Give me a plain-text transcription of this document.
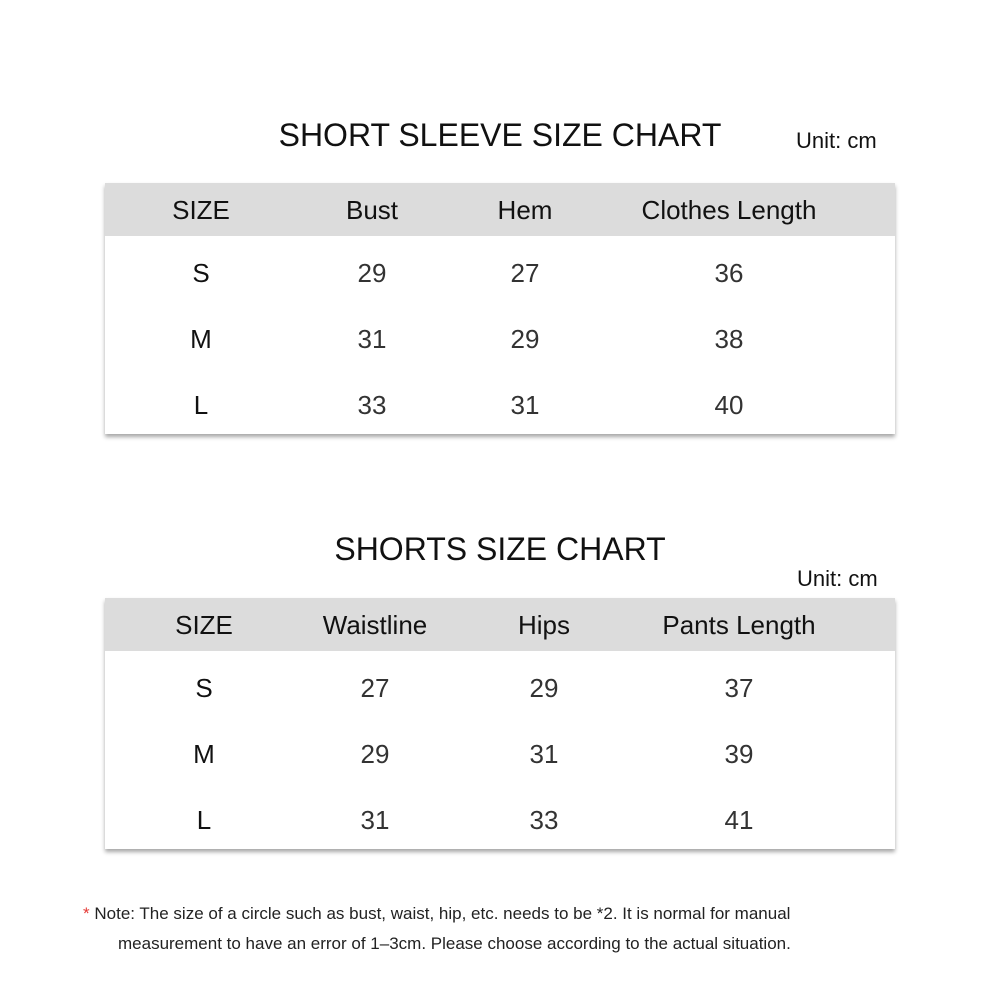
SHORT SLEEVE SIZE CHART	Unit: cm
SIZE	Bust	Hem	Clothes Length
S	29	27	36
M	31	29	38
L	33	31	40
SHORTS SIZE CHART
Unit: cm
SIZE	Waistline	Hips	Pants Length
S	27	29	37
M	29	31	39
L	31	33	41
* Note: The size of a circle such as bust, waist, hip, etc. needs to be *2. It is normal for manual
measurement to have an error of 1–3cm. Please choose according to the actual situation.
